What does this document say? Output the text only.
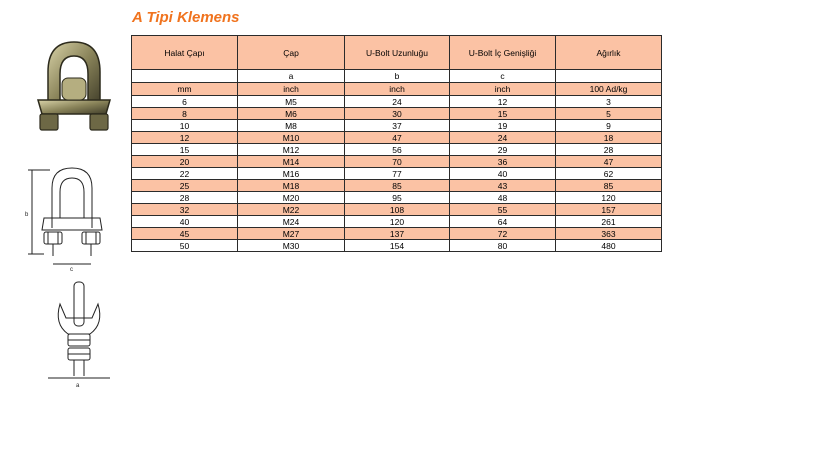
A Tipi Klemens
b
c
a
Halat Çapı	Çap	U-Bolt Uzunluğu	U-Bolt İç Genişliği	Ağırlık
	a	b	c	
mm	inch	inch	inch	100 Ad/kg
6	M5	24	12	3
8	M6	30	15	5
10	M8	37	19	9
12	M10	47	24	18
15	M12	56	29	28
20	M14	70	36	47
22	M16	77	40	62
25	M18	85	43	85
28	M20	95	48	120
32	M22	108	55	157
40	M24	120	64	261
45	M27	137	72	363
50	M30	154	80	480
